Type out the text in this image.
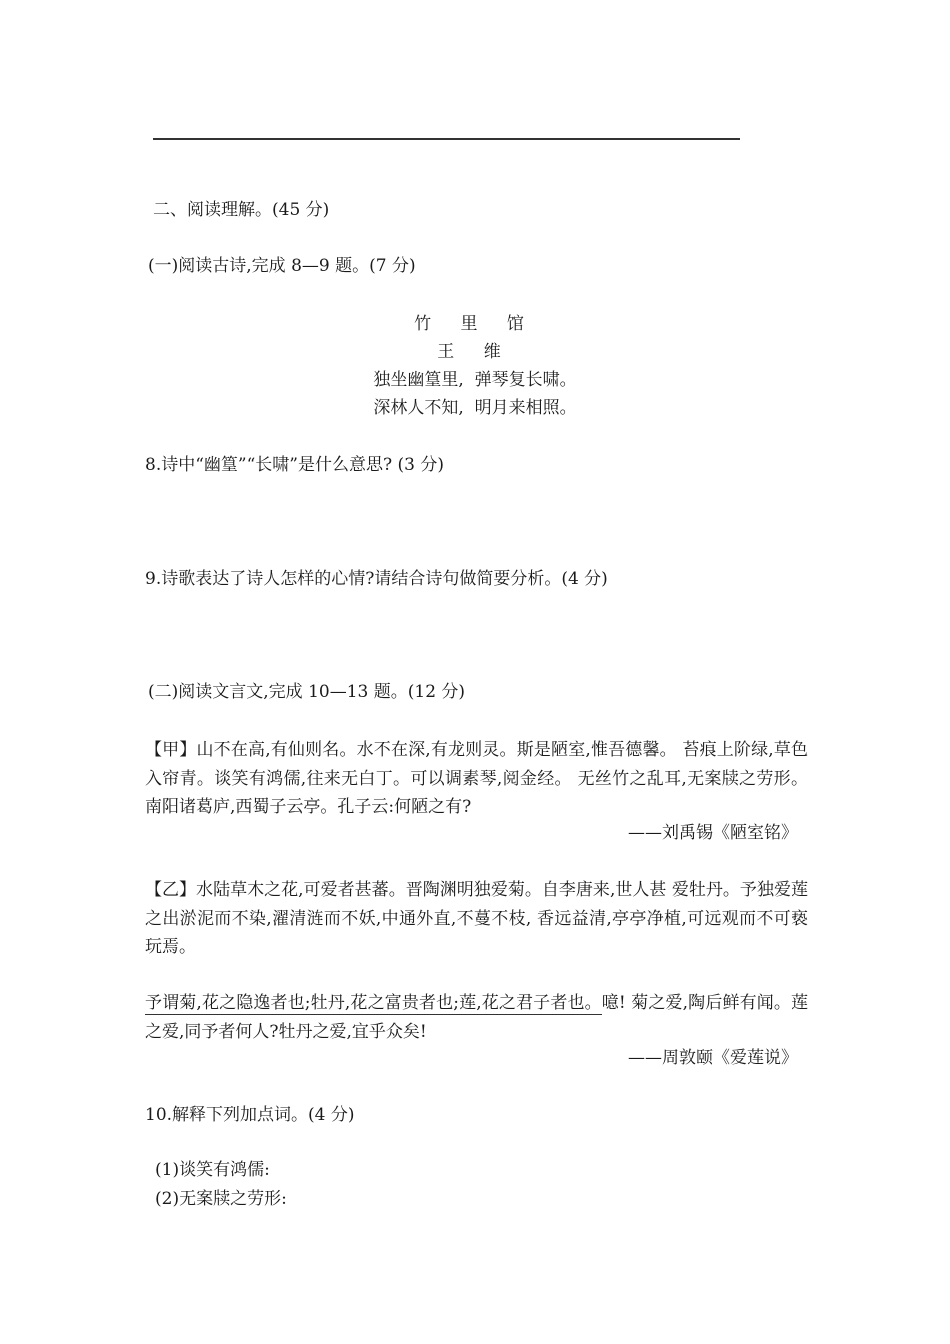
二、阅读理解。(45 分)
(一)阅读古诗,完成 8—9 题。(7 分)
竹 里 馆
王 维
独坐幽篁里,  弹琴复长啸。
深林人不知,  明月来相照。
8.诗中“幽篁”“长啸”是什么意思? (3 分)
9.诗歌表达了诗人怎样的心情?请结合诗句做简要分析。(4 分)
(二)阅读文言文,完成 10—13 题。(12 分)
【甲】山不在高,有仙则名。水不在深,有龙则灵。斯是陋室,惟吾德馨。 苔痕上阶绿,草色入帘青。谈笑有鸿儒,往来无白丁。可以调素琴,阅金经。 无丝竹之乱耳,无案牍之劳形。南阳诸葛庐,西蜀子云亭。孔子云:何陋之有?
——刘禹锡《陋室铭》
【乙】水陆草木之花,可爱者甚蕃。晋陶渊明独爱菊。自李唐来,世人甚 爱牡丹。予独爱莲之出淤泥而不染,濯清涟而不妖,中通外直,不蔓不枝, 香远益清,亭亭净植,可远观而不可亵玩焉。
予谓菊,花之隐逸者也;牡丹,花之富贵者也;莲,花之君子者也。噫! 菊之爱,陶后鲜有闻。莲之爱,同予者何人?牡丹之爱,宜乎众矣!
——周敦颐《爱莲说》
10.解释下列加点词。(4 分)
(1)谈笑有鸿儒:
(2)无案牍之劳形:
